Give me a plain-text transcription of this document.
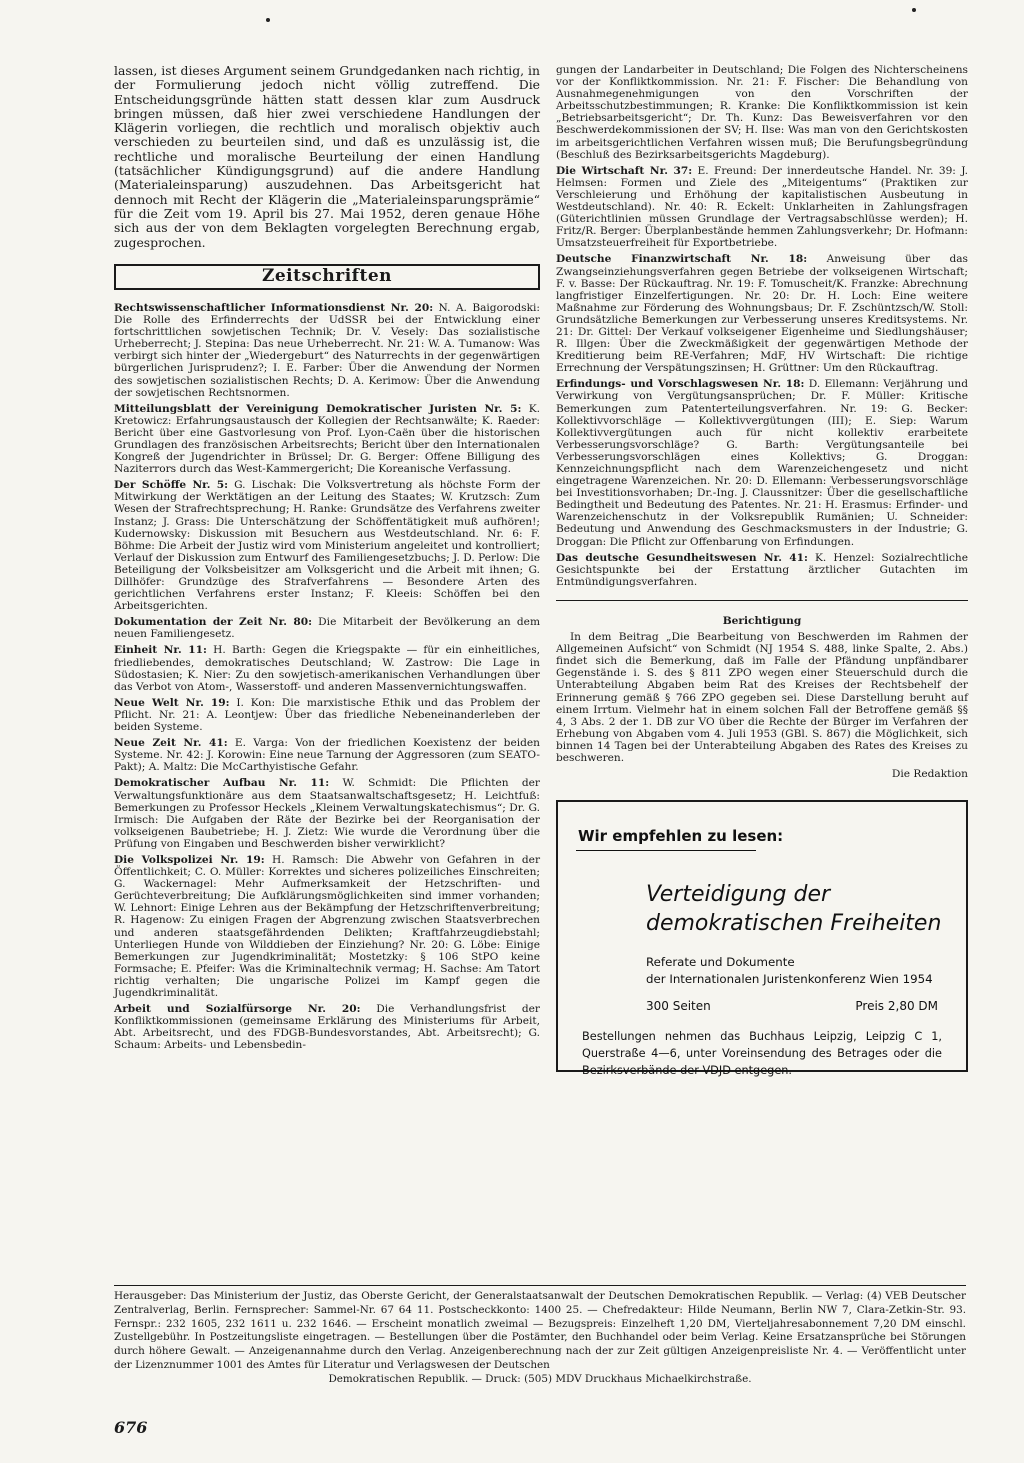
lassen, ist dieses Argument seinem Grundgedanken nach richtig, in der Formulierung jedoch nicht völlig zutreffend. Die Entscheidungsgründe hätten statt dessen klar zum Ausdruck bringen müssen, daß hier zwei verschiedene Handlungen der Klägerin vorliegen, die rechtlich und moralisch objektiv auch verschieden zu beurteilen sind, und daß es unzulässig ist, die rechtliche und moralische Beurteilung der einen Handlung (tatsächlicher Kündigungsgrund) auf die andere Handlung (Materialeinsparung) auszudehnen. Das Arbeitsgericht hat dennoch mit Recht der Klägerin die „Materialeinsparungsprämie“ für die Zeit vom 19. April bis 27. Mai 1952, deren genaue Höhe sich aus der von dem Beklagten vorgelegten Berechnung ergab, zugesprochen.

Zeitschriften

Rechtswissenschaftlicher Informationsdienst Nr. 20: N. A. Baigorodski: Die Rolle des Erfinderrechts der UdSSR bei der Entwicklung einer fortschrittlichen sowjetischen Technik; Dr. V. Vesely: Das sozialistische Urheberrecht; J. Stepina: Das neue Urheberrecht. Nr. 21: W. A. Tumanow: Was verbirgt sich hinter der „Wiedergeburt“ des Naturrechts in der gegenwärtigen bürgerlichen Jurisprudenz?; I. E. Farber: Über die Anwendung der Normen des sowjetischen sozialistischen Rechts; D. A. Kerimow: Über die Anwendung der sowjetischen Rechtsnormen.

Mitteilungsblatt der Vereinigung Demokratischer Juristen Nr. 5: K. Kretowicz: Erfahrungsaustausch der Kollegien der Rechtsanwälte; K. Raeder: Bericht über eine Gastvorlesung von Prof. Lyon-Caën über die historischen Grundlagen des französischen Arbeitsrechts; Bericht über den Internationalen Kongreß der Jugendrichter in Brüssel; Dr. G. Berger: Offene Billigung des Naziterrors durch das West-Kammergericht; Die Koreanische Verfassung.

Der Schöffe Nr. 5: G. Lischak: Die Volksvertretung als höchste Form der Mitwirkung der Werktätigen an der Leitung des Staates; W. Krutzsch: Zum Wesen der Strafrechtsprechung; H. Ranke: Grundsätze des Verfahrens zweiter Instanz; J. Grass: Die Unterschätzung der Schöffentätigkeit muß aufhören!; Kudernowsky: Diskussion mit Besuchern aus Westdeutschland. Nr. 6: F. Böhme: Die Arbeit der Justiz wird vom Ministerium angeleitet und kontrolliert; Verlauf der Diskussion zum Entwurf des Familiengesetzbuchs; J. D. Perlow: Die Beteiligung der Volksbeisitzer am Volksgericht und die Arbeit mit ihnen; G. Dillhöfer: Grundzüge des Strafverfahrens — Besondere Arten des gerichtlichen Verfahrens erster Instanz; F. Kleeis: Schöffen bei den Arbeitsgerichten.

Dokumentation der Zeit Nr. 80: Die Mitarbeit der Bevölkerung an dem neuen Familiengesetz.

Einheit Nr. 11: H. Barth: Gegen die Kriegspakte — für ein einheitliches, friedliebendes, demokratisches Deutschland; W. Zastrow: Die Lage in Südostasien; K. Nier: Zu den sowjetisch-amerikanischen Verhandlungen über das Verbot von Atom-, Wasserstoff- und anderen Massenvernichtungswaffen.

Neue Welt Nr. 19: I. Kon: Die marxistische Ethik und das Problem der Pflicht. Nr. 21: A. Leontjew: Über das friedliche Nebeneinanderleben der beiden Systeme.

Neue Zeit Nr. 41: E. Varga: Von der friedlichen Koexistenz der beiden Systeme. Nr. 42: J. Korowin: Eine neue Tarnung der Aggressoren (zum SEATO-Pakt); A. Maltz: Die McCarthyistische Gefahr.

Demokratischer Aufbau Nr. 11: W. Schmidt: Die Pflichten der Verwaltungsfunktionäre aus dem Staatsanwaltschaftsgesetz; H. Leichtfuß: Bemerkungen zu Professor Heckels „Kleinem Verwaltungskatechismus“; Dr. G. Irmisch: Die Aufgaben der Räte der Bezirke bei der Reorganisation der volkseigenen Baubetriebe; H. J. Zietz: Wie wurde die Verordnung über die Prüfung von Eingaben und Beschwerden bisher verwirklicht?

Die Volkspolizei Nr. 19: H. Ramsch: Die Abwehr von Gefahren in der Öffentlichkeit; C. O. Müller: Korrektes und sicheres polizeiliches Einschreiten; G. Wackernagel: Mehr Aufmerksamkeit der Hetzschriften- und Gerüchteverbreitung; Die Aufklärungsmöglichkeiten sind immer vorhanden; W. Lehnort: Einige Lehren aus der Bekämpfung der Hetzschriftenverbreitung; R. Hagenow: Zu einigen Fragen der Abgrenzung zwischen Staatsverbrechen und anderen staatsgefährdenden Delikten; Kraftfahrzeugdiebstahl; Unterliegen Hunde von Wilddieben der Einziehung? Nr. 20: G. Löbe: Einige Bemerkungen zur Jugendkriminalität; Mostetzky: § 106 StPO keine Formsache; E. Pfeifer: Was die Kriminaltechnik vermag; H. Sachse: Am Tatort richtig verhalten; Die ungarische Polizei im Kampf gegen die Jugendkriminalität.

Arbeit und Sozialfürsorge Nr. 20: Die Verhandlungsfrist der Konfliktkommissionen (gemeinsame Erklärung des Ministeriums für Arbeit, Abt. Arbeitsrecht, und des FDGB-Bundesvorstandes, Abt. Arbeitsrecht); G. Schaum: Arbeits- und Lebensbedin-

gungen der Landarbeiter in Deutschland; Die Folgen des Nichterscheinens vor der Konfliktkommission. Nr. 21: F. Fischer: Die Behandlung von Ausnahmegenehmigungen von den Vorschriften der Arbeitsschutzbestimmungen; R. Kranke: Die Konfliktkommission ist kein „Betriebsarbeitsgericht“; Dr. Th. Kunz: Das Beweisverfahren vor den Beschwerdekommissionen der SV; H. Ilse: Was man von den Gerichtskosten im arbeitsgerichtlichen Verfahren wissen muß; Die Berufungsbegründung (Beschluß des Bezirksarbeitsgerichts Magdeburg).

Die Wirtschaft Nr. 37: E. Freund: Der innerdeutsche Handel. Nr. 39: J. Helmsen: Formen und Ziele des „Miteigentums“ (Praktiken zur Verschleierung und Erhöhung der kapitalistischen Ausbeutung in Westdeutschland). Nr. 40: R. Eckelt: Unklarheiten in Zahlungsfragen (Güterichtlinien müssen Grundlage der Vertragsabschlüsse werden); H. Fritz/R. Berger: Überplanbestände hemmen Zahlungsverkehr; Dr. Hofmann: Umsatzsteuerfreiheit für Exportbetriebe.

Deutsche Finanzwirtschaft Nr. 18: Anweisung über das Zwangseinziehungsverfahren gegen Betriebe der volkseigenen Wirtschaft; F. v. Basse: Der Rückauftrag. Nr. 19: F. Tomuscheit/K. Franzke: Abrechnung langfristiger Einzelfertigungen. Nr. 20: Dr. H. Loch: Eine weitere Maßnahme zur Förderung des Wohnungsbaus; Dr. F. Zschüntzsch/W. Stoll: Grundsätzliche Bemerkungen zur Verbesserung unseres Kreditsystems. Nr. 21: Dr. Gittel: Der Verkauf volkseigener Eigenheime und Siedlungshäuser; R. Illgen: Über die Zweckmäßigkeit der gegenwärtigen Methode der Kreditierung beim RE-Verfahren; MdF, HV Wirtschaft: Die richtige Errechnung der Verspätungszinsen; H. Grüttner: Um den Rückauftrag.

Erfindungs- und Vorschlagswesen Nr. 18: D. Ellemann: Verjährung und Verwirkung von Vergütungsansprüchen; Dr. F. Müller: Kritische Bemerkungen zum Patenterteilungsverfahren. Nr. 19: G. Becker: Kollektivvorschläge — Kollektivvergütungen (III); E. Siep: Warum Kollektivvergütungen auch für nicht kollektiv erarbeitete Verbesserungsvorschläge? G. Barth: Vergütungsanteile bei Verbesserungsvorschlägen eines Kollektivs; G. Droggan: Kennzeichnungspflicht nach dem Warenzeichengesetz und nicht eingetragene Warenzeichen. Nr. 20: D. Ellemann: Verbesserungsvorschläge bei Investitionsvorhaben; Dr.-Ing. J. Claussnitzer: Über die gesellschaftliche Bedingtheit und Bedeutung des Patentes. Nr. 21: H. Erasmus: Erfinder- und Warenzeichenschutz in der Volksrepublik Rumänien; U. Schneider: Bedeutung und Anwendung des Geschmacksmusters in der Industrie; G. Droggan: Die Pflicht zur Offenbarung von Erfindungen.

Das deutsche Gesundheitswesen Nr. 41: K. Henzel: Sozialrechtliche Gesichtspunkte bei der Erstattung ärztlicher Gutachten im Entmündigungsverfahren.

Berichtigung

In dem Beitrag „Die Bearbeitung von Beschwerden im Rahmen der Allgemeinen Aufsicht“ von Schmidt (NJ 1954 S. 488, linke Spalte, 2. Abs.) findet sich die Bemerkung, daß im Falle der Pfändung unpfändbarer Gegenstände i. S. des § 811 ZPO wegen einer Steuerschuld durch die Unterabteilung Abgaben beim Rat des Kreises der Rechtsbehelf der Erinnerung gemäß § 766 ZPO gegeben sei. Diese Darstellung beruht auf einem Irrtum. Vielmehr hat in einem solchen Fall der Betroffene gemäß §§ 4, 3 Abs. 2 der 1. DB zur VO über die Rechte der Bürger im Verfahren der Erhebung von Abgaben vom 4. Juli 1953 (GBl. S. 867) die Möglichkeit, sich binnen 14 Tagen bei der Unterabteilung Abgaben des Rates des Kreises zu beschweren.

Die Redaktion

Wir empfehlen zu lesen:
Verteidigung der
demokratischen Freiheiten
Referate und Dokumente
der Internationalen Juristenkonferenz Wien 1954
300 Seiten	Preis 2,80 DM
Bestellungen nehmen das Buchhaus Leipzig, Leipzig C 1, Querstraße 4—6, unter Voreinsendung des Betrages oder die Bezirksverbände der VDJD entgegen.
Herausgeber: Das Ministerium der Justiz, das Oberste Gericht, der Generalstaatsanwalt der Deutschen Demokratischen Republik. — Verlag: (4) VEB Deutscher Zentralverlag, Berlin. Fernsprecher: Sammel-Nr. 67 64 11. Postscheckkonto: 1400 25. — Chefredakteur: Hilde Neumann, Berlin NW 7, Clara-Zetkin-Str. 93. Fernspr.: 232 1605, 232 1611 u. 232 1646. — Erscheint monatlich zweimal — Bezugspreis: Einzelheft 1,20 DM, Vierteljahresabonnement 7,20 DM einschl. Zustellgebühr. In Postzeitungsliste eingetragen. — Bestellungen über die Postämter, den Buchhandel oder beim Verlag. Keine Ersatzansprüche bei Störungen durch höhere Gewalt. — Anzeigenannahme durch den Verlag. Anzeigenberechnung nach der zur Zeit gültigen Anzeigenpreisliste Nr. 4. — Veröffentlicht unter der Lizenznummer 1001 des Amtes für Literatur und Verlagswesen der Deutschen
Demokratischen Republik. — Druck: (505) MDV Druckhaus Michaelkirchstraße.
676
